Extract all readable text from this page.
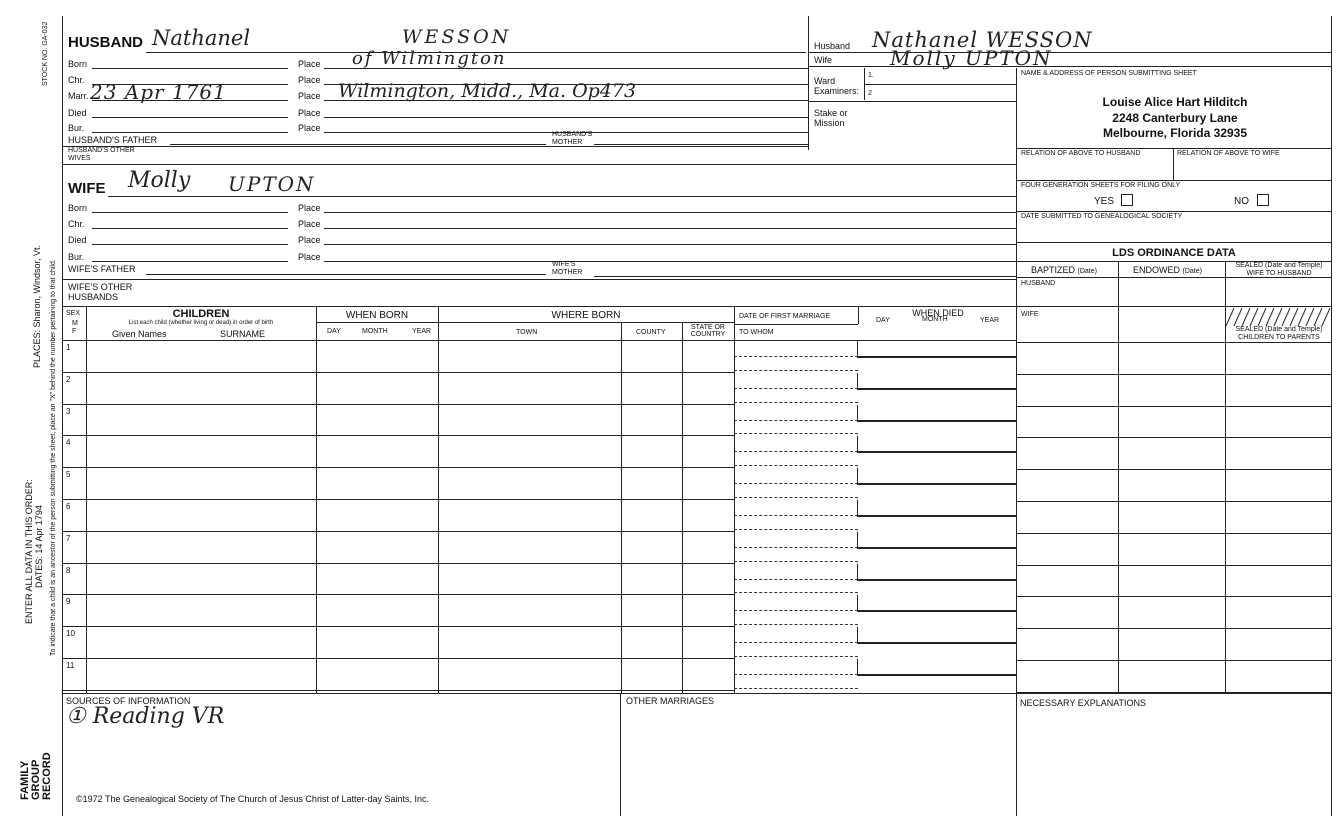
STOCK NO. GA-032
PLACES: Sharon, Windsor, Vt.
ENTER ALL DATA IN THIS ORDER: DATES: 14 Apr 1794 To indicate that a child is an ancestor of the person submitting the sheet, place an "X" behind the number pertaining to that child.
FAMILY GROUP RECORD
HUSBAND Nathanel	WESSON
Born	Place of Wilmington
Chr.	Place
Marr. 23 Apr 1761	Place Wilmington, Midd., Ma. Op473
Died	Place
Bur.	Place
HUSBAND'S FATHER
HUSBAND'S MOTHER
HUSBAND'S OTHER WIVES
WIFE Molly UPTON
Born	Place
Chr.	Place
Died	Place
Bur.	Place
WIFE'S FATHER	WIFE'S MOTHER
WIFE'S OTHER HUSBANDS
Husband Nathanel WESSON
Wife	Molly UPTON
Ward
Examiners:
1.
2
Stake or Mission
NAME & ADDRESS OF PERSON SUBMITTING SHEET
Louise Alice Hart Hilditch
2248 Canterbury Lane
Melbourne, Florida 32935
RELATION OF ABOVE TO HUSBAND	RELATION OF ABOVE TO WIFE
FOUR GENERATION SHEETS FOR FILING ONLY
YES	NO
DATE SUBMITTED TO GENEALOGICAL SOCIETY
LDS ORDINANCE DATA
BAPTIZED (Date)	ENDOWED (Date)
SEALED (Date and Temple) WIFE TO HUSBAND
HUSBAND
WIFE
SEALED (Date and Temple) CHILDREN TO PARENTS
SEX
M
F
CHILDREN
List each child (whether living or dead) in order of birth
Given Names	SURNAME
WHEN BORN
DAY	MONTH	YEAR
WHERE BORN
TOWN	COUNTY
STATE OR COUNTRY
DATE OF FIRST MARRIAGE
TO WHOM
WHEN DIED
DAY	MONTH	YEAR
1
2
3
4
5
6
7
8
9
10
11
SOURCES OF INFORMATION
① Reading VR
OTHER MARRIAGES	NECESSARY EXPLANATIONS
©1972 The Genealogical Society of The Church of Jesus Christ of Latter-day Saints, Inc.
